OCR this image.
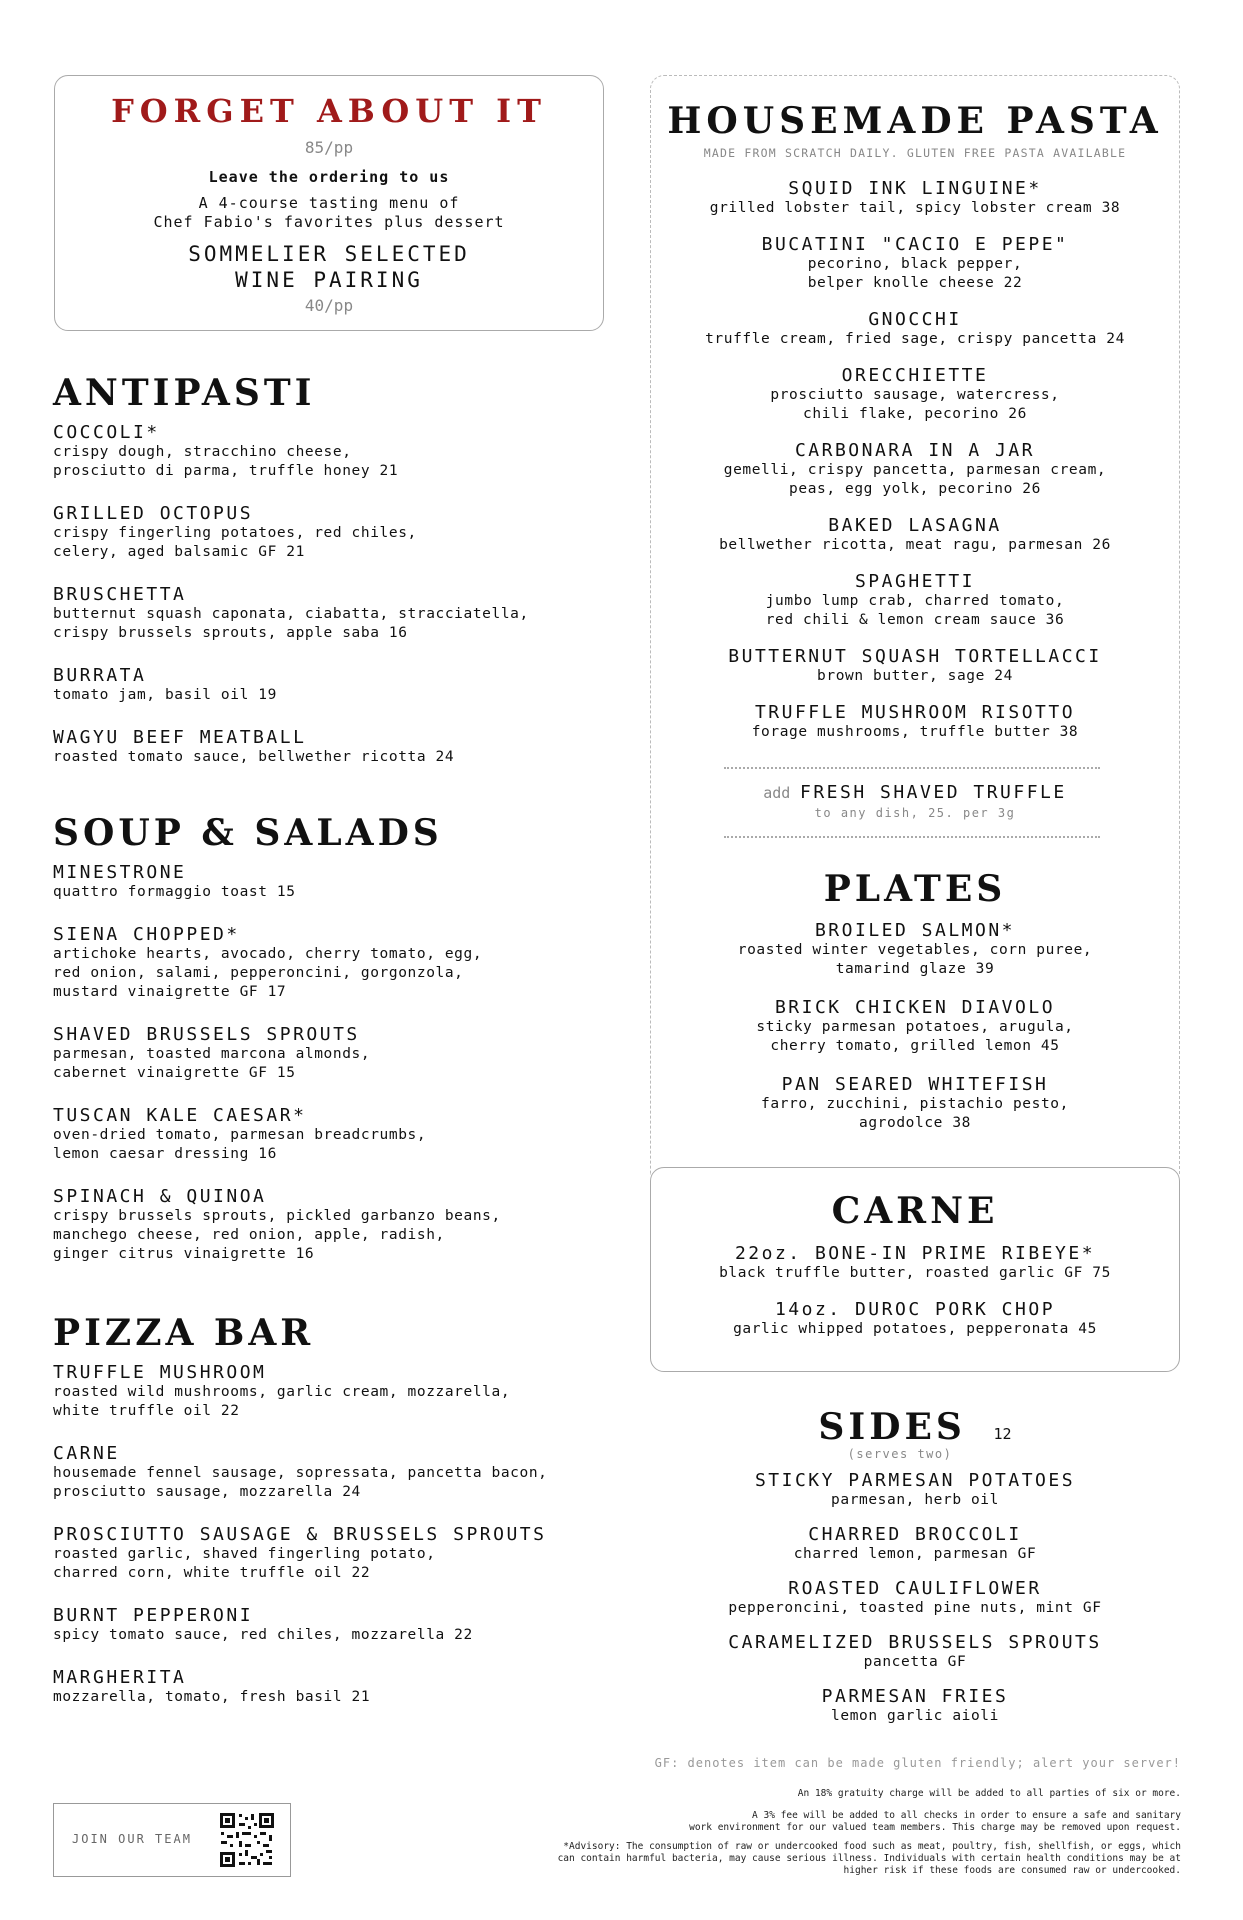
FORGET ABOUT IT
85/pp
Leave the ordering to us
A 4-course tasting menu of
Chef Fabio's favorites plus dessert
SOMMELIER SELECTED
WINE PAIRING
40/pp
ANTIPASTI
COCCOLI*
crispy dough, stracchino cheese,
prosciutto di parma, truffle honey 21
GRILLED OCTOPUS
crispy fingerling potatoes, red chiles,
celery, aged balsamic GF 21
BRUSCHETTA
butternut squash caponata, ciabatta, stracciatella,
crispy brussels sprouts, apple saba 16
BURRATA
tomato jam, basil oil 19
WAGYU BEEF MEATBALL
roasted tomato sauce, bellwether ricotta 24
SOUP & SALADS
MINESTRONE
quattro formaggio toast 15
SIENA CHOPPED*
artichoke hearts, avocado, cherry tomato, egg,
red onion, salami, pepperoncini, gorgonzola,
mustard vinaigrette GF 17
SHAVED BRUSSELS SPROUTS
parmesan, toasted marcona almonds,
cabernet vinaigrette GF 15
TUSCAN KALE CAESAR*
oven-dried tomato, parmesan breadcrumbs,
lemon caesar dressing 16
SPINACH & QUINOA
crispy brussels sprouts, pickled garbanzo beans,
manchego cheese, red onion, apple, radish,
ginger citrus vinaigrette 16
PIZZA BAR
TRUFFLE MUSHROOM
roasted wild mushrooms, garlic cream, mozzarella,
white truffle oil 22
CARNE
housemade fennel sausage, sopressata, pancetta bacon,
prosciutto sausage, mozzarella 24
PROSCIUTTO SAUSAGE & BRUSSELS SPROUTS
roasted garlic, shaved fingerling potato,
charred corn, white truffle oil 22
BURNT PEPPERONI
spicy tomato sauce, red chiles, mozzarella 22
MARGHERITA
mozzarella, tomato, fresh basil 21
HOUSEMADE PASTA
MADE FROM SCRATCH DAILY. GLUTEN FREE PASTA AVAILABLE
SQUID INK LINGUINE*
grilled lobster tail, spicy lobster cream 38
BUCATINI "CACIO E PEPE"
pecorino, black pepper,
belper knolle cheese 22
GNOCCHI
truffle cream, fried sage, crispy pancetta 24
ORECCHIETTE
prosciutto sausage, watercress,
chili flake, pecorino 26
CARBONARA IN A JAR
gemelli, crispy pancetta, parmesan cream,
peas, egg yolk, pecorino 26
BAKED LASAGNA
bellwether ricotta, meat ragu, parmesan 26
SPAGHETTI
jumbo lump crab, charred tomato,
red chili & lemon cream sauce 36
BUTTERNUT SQUASH TORTELLACCI
brown butter, sage 24
TRUFFLE MUSHROOM RISOTTO
forage mushrooms, truffle butter 38
add FRESH SHAVED TRUFFLE
to any dish, 25. per 3g
PLATES
BROILED SALMON*
roasted winter vegetables, corn puree,
tamarind glaze 39
BRICK CHICKEN DIAVOLO
sticky parmesan potatoes, arugula,
cherry tomato, grilled lemon 45
PAN SEARED WHITEFISH
farro, zucchini, pistachio pesto,
agrodolce 38
CARNE
22oz. BONE-IN PRIME RIBEYE*
black truffle butter, roasted garlic GF 75
14oz. DUROC PORK CHOP
garlic whipped potatoes, pepperonata 45
SIDES 12
(serves two)
STICKY PARMESAN POTATOES
parmesan, herb oil
CHARRED BROCCOLI
charred lemon, parmesan GF
ROASTED CAULIFLOWER
pepperoncini, toasted pine nuts, mint GF
CARAMELIZED BRUSSELS SPROUTS
pancetta GF
PARMESAN FRIES
lemon garlic aioli
GF: denotes item can be made gluten friendly; alert your server!
An 18% gratuity charge will be added to all parties of six or more.
A 3% fee will be added to all checks in order to ensure a safe and sanitary
work environment for our valued team members. This charge may be removed upon request.
*Advisory: The consumption of raw or undercooked food such as meat, poultry, fish, shellfish, or eggs, which
can contain harmful bacteria, may cause serious illness. Individuals with certain health conditions may be at
higher risk if these foods are consumed raw or undercooked.
JOIN OUR TEAM
